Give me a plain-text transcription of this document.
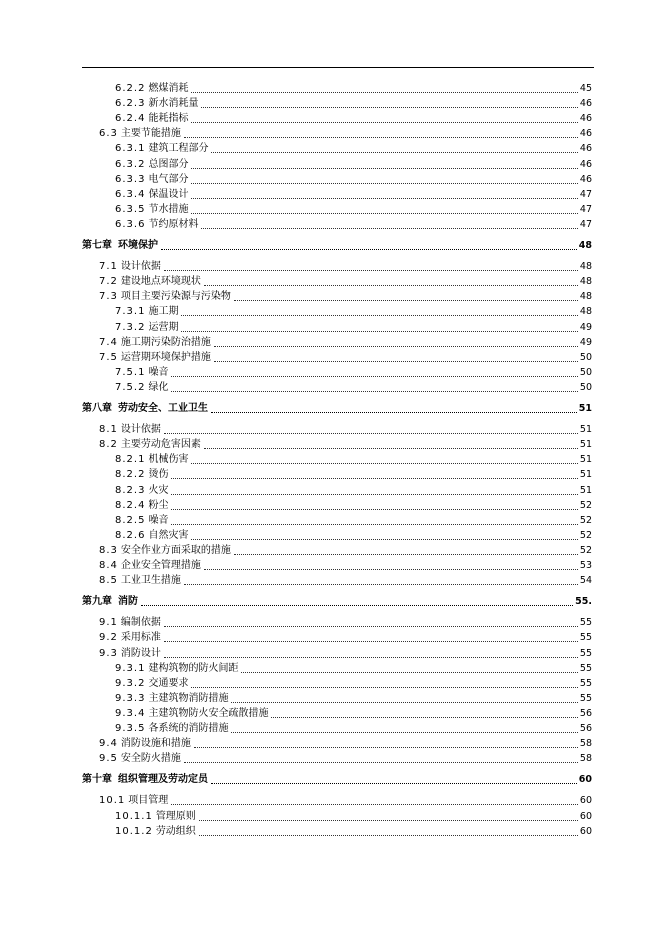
6.2.2 燃煤消耗	45
6.2.3 新水消耗量	46
6.2.4 能耗指标	46
6.3 主要节能措施	46
6.3.1 建筑工程部分	46
6.3.2 总图部分	46
6.3.3 电气部分	46
6.3.4 保温设计	47
6.3.5 节水措施	47
6.3.6 节约原材料	47
第七章 环境保护	48
7.1 设计依据	48
7.2 建设地点环境现状	48
7.3 项目主要污染源与污染物	48
7.3.1 施工期	48
7.3.2 运营期	49
7.4 施工期污染防治措施	49
7.5 运营期环境保护措施	50
7.5.1 噪音	50
7.5.2 绿化	50
第八章 劳动安全、工业卫生	51
8.1 设计依据	51
8.2 主要劳动危害因素	51
8.2.1 机械伤害	51
8.2.2 烫伤	51
8.2.3 火灾	51
8.2.4 粉尘	52
8.2.5 噪音	52
8.2.6 自然灾害	52
8.3 安全作业方面采取的措施	52
8.4 企业安全管理措施	53
8.5 工业卫生措施	54
第九章 消防	55.
9.1 编制依据	55
9.2 采用标准	55
9.3 消防设计	55
9.3.1 建构筑物的防火间距	55
9.3.2 交通要求	55
9.3.3 主建筑物消防措施	55
9.3.4 主建筑物防火安全疏散措施	56
9.3.5 各系统的消防措施	56
9.4 消防设施和措施	58
9.5 安全防火措施	58
第十章 组织管理及劳动定员	60
10.1 项目管理	60
10.1.1 管理原则	60
10.1.2 劳动组织	60
